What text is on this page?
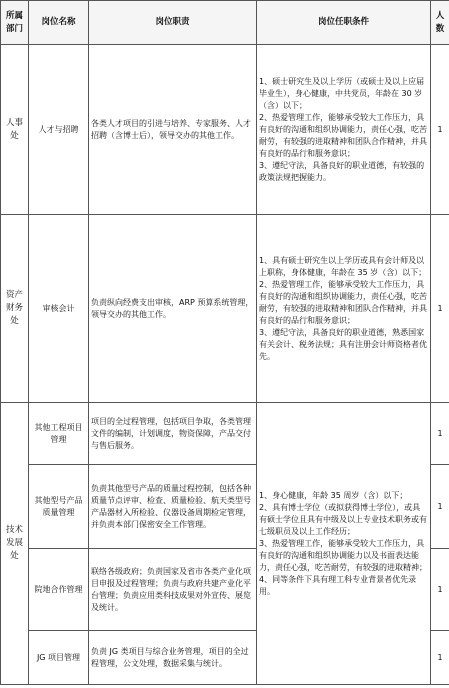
所属部门	岗位名称	岗位职责	岗位任职条件	人数
人事处	人才与招聘	各类人才项目的引进与培养、专家服务、人才招聘（含博士后），领导交办的其他工作。	1、硕士研究生及以上学历（或硕士及以上应届毕业生），身心健康，中共党员，年龄在 30 岁（含）以下；
2、热爱管理工作，能够承受较大工作压力，具有良好的沟通和组织协调能力，责任心强，吃苦耐劳，有较强的进取精神和团队合作精神，并具有良好的品行和服务意识；
3、遵纪守法，具备良好的职业道德，有较强的政策法规把握能力。	1
资产财务处	审核会计	负责纵向经费支出审核，ARP 预算系统管理，领导交办的其他工作。	1、具有硕士研究生以上学历或具有会计师及以上职称，身体健康，年龄在 35 岁（含）以下；
2、热爱管理工作，能够承受较大工作压力，具有良好的沟通和组织协调能力，责任心强，吃苦耐劳，有较强的进取精神和团队合作精神，并具有良好的品行和服务意识；
3、遵纪守法，具备良好的职业道德，熟悉国家有关会计、税务法规；具有注册会计师资格者优先。	1
技术发展处	其他工程项目管理	项目的全过程管理，包括项目争取，各类管理文件的编制，计划调度，物资保障，产品交付与售后服务。	1、身心健康，年龄 35 周岁（含）以下；
2、具有博士学位（或拟获得博士学位），或具有硕士学位且具有中级及以上专业技术职务或有七级职员及以上工作经历；
3、热爱管理工作，能够承受较大工作压力，具有良好的沟通和组织协调能力以及书面表达能力，责任心强，吃苦耐劳，有较强的进取精神；
4、同等条件下具有理工科专业背景者优先录用。	1
	其他型号产品质量管理	负责其他型号产品的质量过程控制，包括各种质量节点评审、检查、质量检验、航天类型号产品器材入所检验、仪器设备周期检定管理，并负责本部门保密安全工作管理。		1
	院地合作管理	联络各级政府；负责国家及省市各类产业化项目申报及过程管理；负责与政府共建产业化平台管理；负责应用类科技成果对外宣传、展览及统计。		1
	JG 项目管理	负责 JG 类项目与综合业务管理，项目的全过程管理，公文处理，数据采集与统计。		1
